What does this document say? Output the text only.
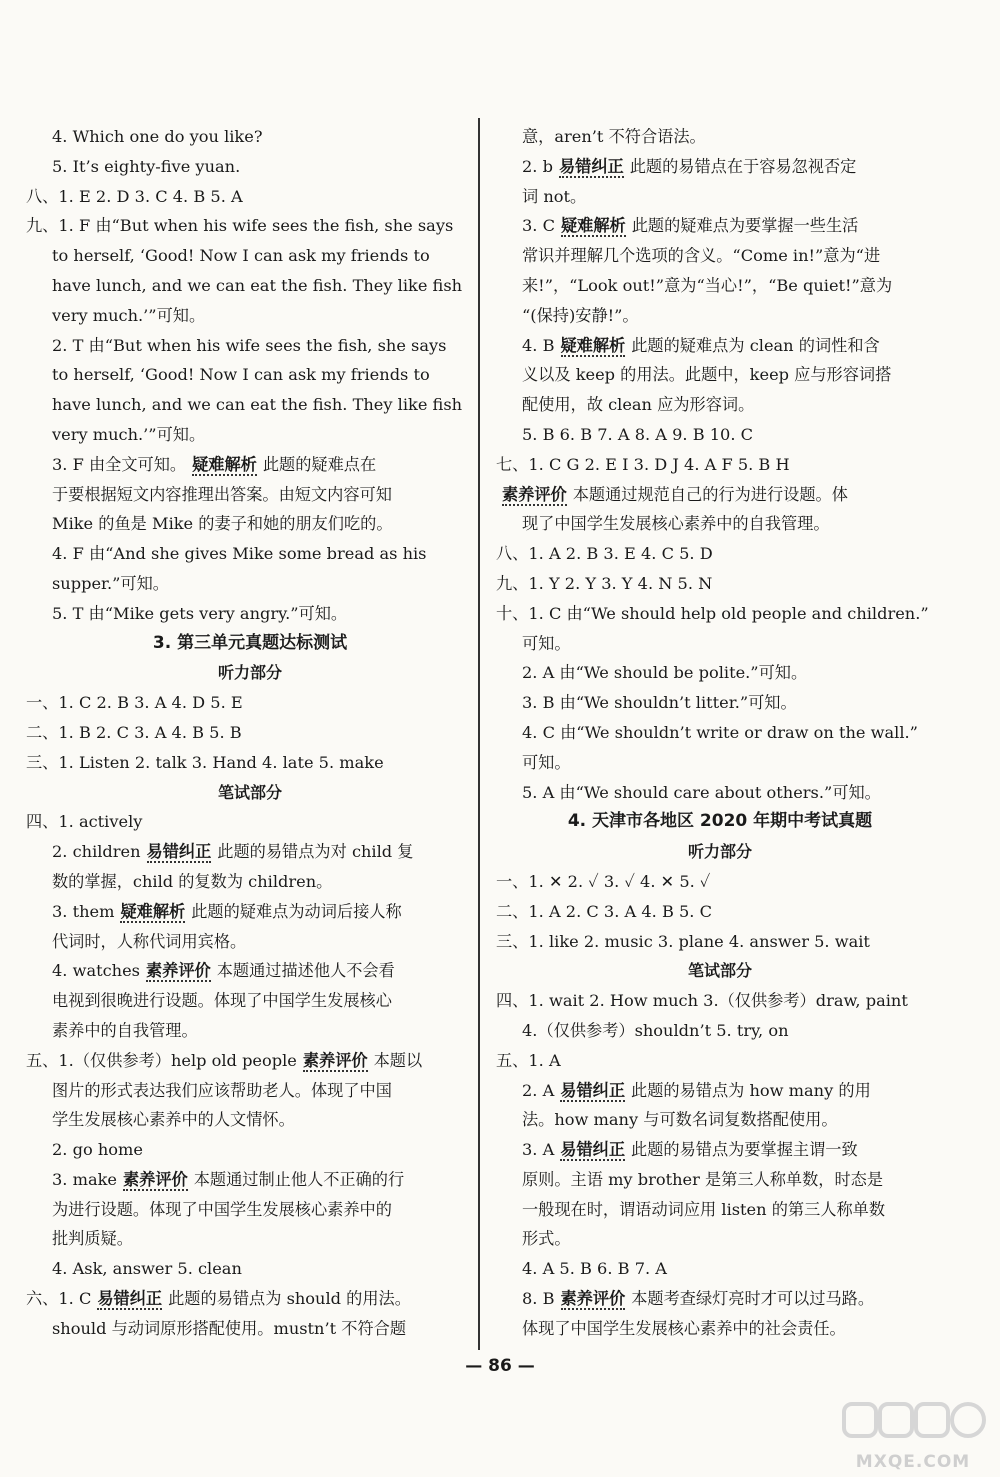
4. Which one do you like?
5. It’s eighty-five yuan.
八、1. E 2. D 3. C 4. B 5. A
九、1. F 由“But when his wife sees the fish, she says
to herself, ‘Good! Now I can ask my friends to
have lunch, and we can eat the fish. They like fish
very much.’”可知。
2. T 由“But when his wife sees the fish, she says
to herself, ‘Good! Now I can ask my friends to
have lunch, and we can eat the fish. They like fish
very much.’”可知。
3. F 由全文可知。 疑难解析 此题的疑难点在
于要根据短文内容推理出答案。由短文内容可知
Mike 的鱼是 Mike 的妻子和她的朋友们吃的。
4. F 由“And she gives Mike some bread as his
supper.”可知。
5. T 由“Mike gets very angry.”可知。
3. 第三单元真题达标测试
听力部分
一、1. C 2. B 3. A 4. D 5. E
二、1. B 2. C 3. A 4. B 5. B
三、1. Listen 2. talk 3. Hand 4. late 5. make
笔试部分
四、1. actively
2. children 易错纠正 此题的易错点为对 child 复
数的掌握，child 的复数为 children。
3. them 疑难解析 此题的疑难点为动词后接人称
代词时，人称代词用宾格。
4. watches 素养评价 本题通过描述他人不会看
电视到很晚进行设题。体现了中国学生发展核心
素养中的自我管理。
五、1.（仅供参考）help old people 素养评价 本题以
图片的形式表达我们应该帮助老人。体现了中国
学生发展核心素养中的人文情怀。
2. go home
3. make 素养评价 本题通过制止他人不正确的行
为进行设题。体现了中国学生发展核心素养中的
批判质疑。
4. Ask, answer 5. clean
六、1. C 易错纠正 此题的易错点为 should 的用法。
should 与动词原形搭配使用。mustn’t 不符合题
意，aren’t 不符合语法。
2. b 易错纠正 此题的易错点在于容易忽视否定
词 not。
3. C 疑难解析 此题的疑难点为要掌握一些生活
常识并理解几个选项的含义。“Come in!”意为“进
来!”，“Look out!”意为“当心!”，“Be quiet!”意为
“(保持)安静!”。
4. B 疑难解析 此题的疑难点为 clean 的词性和含
义以及 keep 的用法。此题中，keep 应与形容词搭
配使用，故 clean 应为形容词。
5. B 6. B 7. A 8. A 9. B 10. C
七、1. C G 2. E I 3. D J 4. A F 5. B H
素养评价 本题通过规范自己的行为进行设题。体
现了中国学生发展核心素养中的自我管理。
八、1. A 2. B 3. E 4. C 5. D
九、1. Y 2. Y 3. Y 4. N 5. N
十、1. C 由“We should help old people and children.”
可知。
2. A 由“We should be polite.”可知。
3. B 由“We shouldn’t litter.”可知。
4. C 由“We shouldn’t write or draw on the wall.”
可知。
5. A 由“We should care about others.”可知。
4. 天津市各地区 2020 年期中考试真题
听力部分
一、1. ✕ 2. ✓ 3. ✓ 4. ✕ 5. ✓
二、1. A 2. C 3. A 4. B 5. C
三、1. like 2. music 3. plane 4. answer 5. wait
笔试部分
四、1. wait 2. How much 3.（仅供参考）draw, paint
4.（仅供参考）shouldn’t 5. try, on
五、1. A
2. A 易错纠正 此题的易错点为 how many 的用
法。how many 与可数名词复数搭配使用。
3. A 易错纠正 此题的易错点为要掌握主谓一致
原则。主语 my brother 是第三人称单数，时态是
一般现在时，谓语动词应用 listen 的第三人称单数
形式。
4. A 5. B 6. B 7. A
8. B 素养评价 本题考查绿灯亮时才可以过马路。
体现了中国学生发展核心素养中的社会责任。
— 86 —
MXQE.COM
